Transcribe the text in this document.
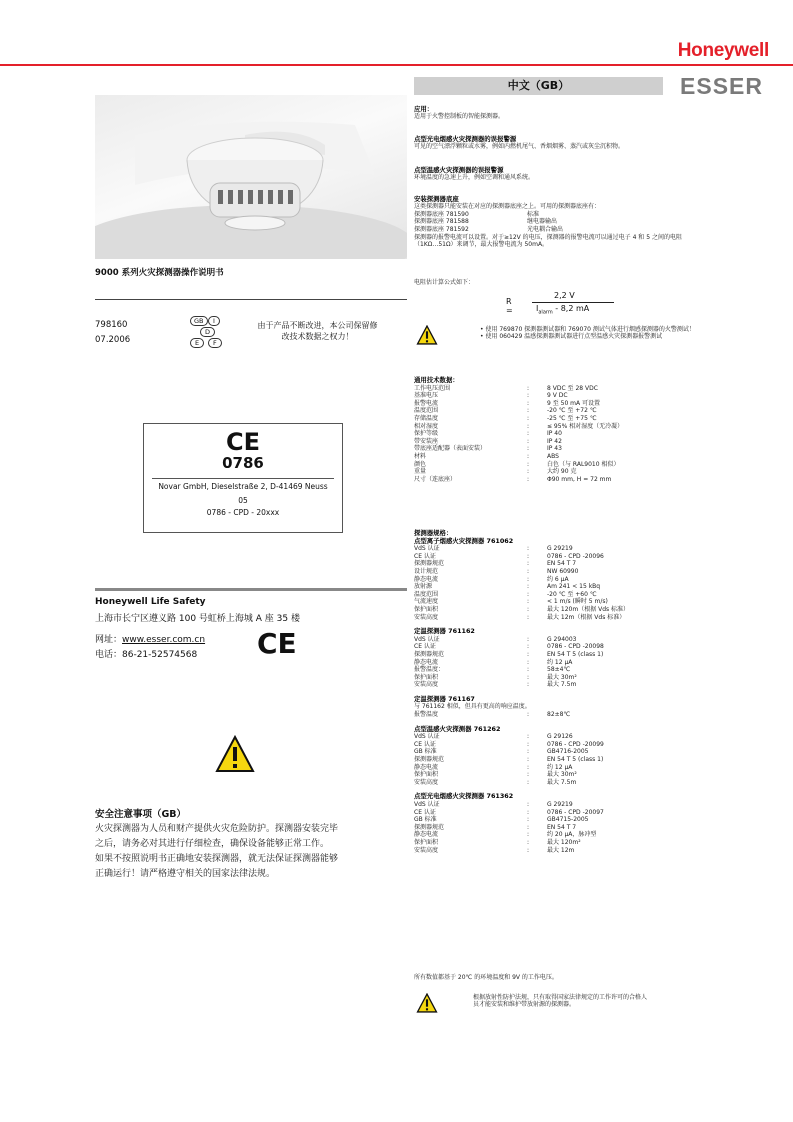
Honeywell
ESSER
中文（GB）
9000 系列火灾探测器操作说明书
798160
07.2006
GB	I
D
E	F
由于产品不断改进，本公司保留修改技术数据之权力！
CE
0786
Novar GmbH, Dieselstraße 2, D-41469 Neuss
05
0786 - CPD - 20xxx
Honeywell Life Safety
上海市长宁区遵义路 100 号虹桥上海城 A 座 35 楼
网址：www.esser.com.cn
电话：86-21-52574568 CE
安全注意事项（GB）
火灾探测器为人员和财产提供火灾危险防护。探测器安装完毕
之后，请务必对其进行仔细检查，确保设备能够正常工作。
如果不按照说明书正确地安装探测器，就无法保证探测器能够
正确运行！请严格遵守相关的国家法律法规。
应用：
适用于火警控制板的智能探测器。
点型光电烟感火灾探测器的误报警源
可见的空气漂浮颗粒或水雾，例如内燃机尾气、香烟烟雾、蒸汽或灰尘沉积物。
点型温感火灾探测器的误报警源
环境温度的急速上升，例如空调和通风系统。
安装探测器底座
这类探测器只能安装在对应的探测器底座之上。可用的探测器底座有：
探测器底座 781590	标准
探测器底座 781588	继电器输出
探测器底座 781592	光电耦合输出
探测器的报警电流可以设置。对于≥12V 的电压，探测器的报警电流可以通过电子 4 和 5 之间的电阻（1KΩ…51Ω）来调节，最大报警电流为 50mA。
电阻估计算公式如下：
R =
2,2 V
$I_{alarm} - 8,2$ mA
• 使用 769870 探测器测试器和 769070 测试气体进行烟感探测器的火警测试！
• 使用 060429 温感探测器测试器进行点型温感火灾探测器报警测试
通用技术数据：
工作电压范围	:	8 VDC 至 28 VDC
基准电压	:	9 V DC
报警电流	:	9 至 50 mA 可设置
温度范围	:	-20 ℃ 至 +72 ℃
存储温度	:	-25 ℃ 至 +75 ℃
相对湿度	:	≤ 95% 相对湿度（无冷凝）
保护等级	:	IP 40
带安装座	:	IP 42
带底座适配器（表面安装）	:	IP 43
材料	:	ABS
颜色	:	白色（与 RAL9010 相似）
重量	:	大约 90 克
尺寸（连底座）	:	Φ90 mm, H = 72 mm
探测器规格：
点型离子烟感火灾探测器 761062
VdS 认证	:	G 29219
CE 认证	:	0786 - CPD -20096
探测器规范	:	EN 54 T 7
设计规范	:	NW 60990
静态电流	:	约 6 μA
放射源	:	Am 241 < 15 kBq
温度范围	:	-20 ℃ 至 +60 ℃
气流速度	:	< 1 m/s (瞬时 5 m/s)
保护面积	:	最大 120m（根据 Vds 标准）
安装高度	:	最大 12m（根据 Vds 标准）
定温探测器 761162
VdS 认证	:	G 294003
CE 认证	:	0786 - CPD -20098
探测器规范	:	EN 54 T 5 (class 1)
静态电流	:	约 12 μA
报警温度：	:	58±4℃
保护面积	:	最大 30m²
安装高度	:	最大 7.5m
定温探测器 761167
与 761162 相似，但具有更高的响应温度。
报警温度	:	82±8℃
点型温感火灾探测器 761262
VdS 认证	:	G 29126
CE 认证	:	0786 - CPD -20099
GB 标准	:	GB4716-2005
探测器规范	:	EN 54 T 5 (class 1)
静态电流	:	约 12 μA
保护面积	:	最大 30m²
安装高度	:	最大 7.5m
点型光电烟感火灾探测器 761362
VdS 认证	:	G 29219
CE 认证	:	0786 - CPD -20097
GB 标准	:	GB4715-2005
探测器规范	:	EN 54 T 7
静态电流	:	约 20 μA，脉冲型
保护面积	:	最大 120m²
安装高度	:	最大 12m
所有数值都基于 20℃ 的环境温度和 9V 的工作电压。
根据放射性防护法规，只有取得国家法律规定的工作许可的合格人
员才能安装和维护带放射源的探测器。
